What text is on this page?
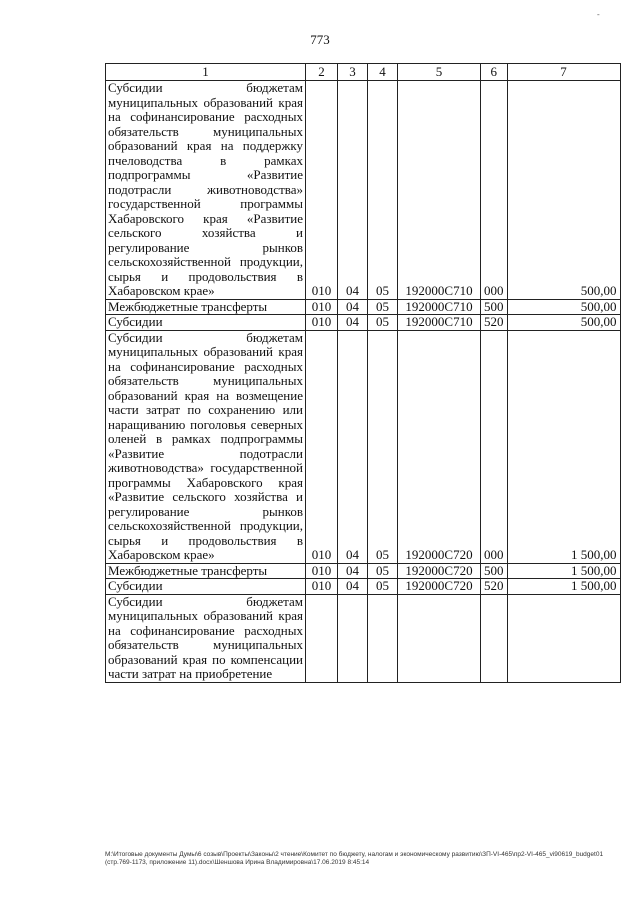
-
773
1	2	3	4	5	6	7
Субсидии бюджетам муниципальных образований края на софинансирование расходных обязательств муниципальных образований края на поддержку пчеловодства в рамках подпрограммы «Развитие подотрасли животноводства» государственной программы Хабаровского края «Развитие сельского хозяйства и регулирование рынков сельскохозяйственной продукции, сырья и продовольствия в Хабаровском крае»	010	04	05	192000С710	000	500,00
Межбюджетные трансферты	010	04	05	192000С710	500	500,00
Субсидии	010	04	05	192000С710	520	500,00
Субсидии бюджетам муниципальных образований края на софинансирование расходных обязательств муниципальных образований края на возмещение части затрат по сохранению или наращиванию поголовья северных оленей в рамках подпрограммы «Развитие подотрасли животноводства» государственной программы Хабаровского края «Развитие сельского хозяйства и регулирование рынков сельскохозяйственной продукции, сырья и продовольствия в Хабаровском крае»	010	04	05	192000С720	000	1 500,00
Межбюджетные трансферты	010	04	05	192000С720	500	1 500,00
Субсидии	010	04	05	192000С720	520	1 500,00
Субсидии бюджетам муниципальных образований края на софинансирование расходных обязательств муниципальных образований края по компенсации части затрат на приобретение						
М:\Итоговые документы Думы\6 созыв\Проекты\Законы\2 чтение\Комитет по бюджету, налогам и экономическому развитию\ЗП-VI-465\пр2-VI-465_vi90619_budget01 (стр.769-1173, приложение 11).docx\Шеншова Ирина Владимировна\17.06.2019 8:45:14
